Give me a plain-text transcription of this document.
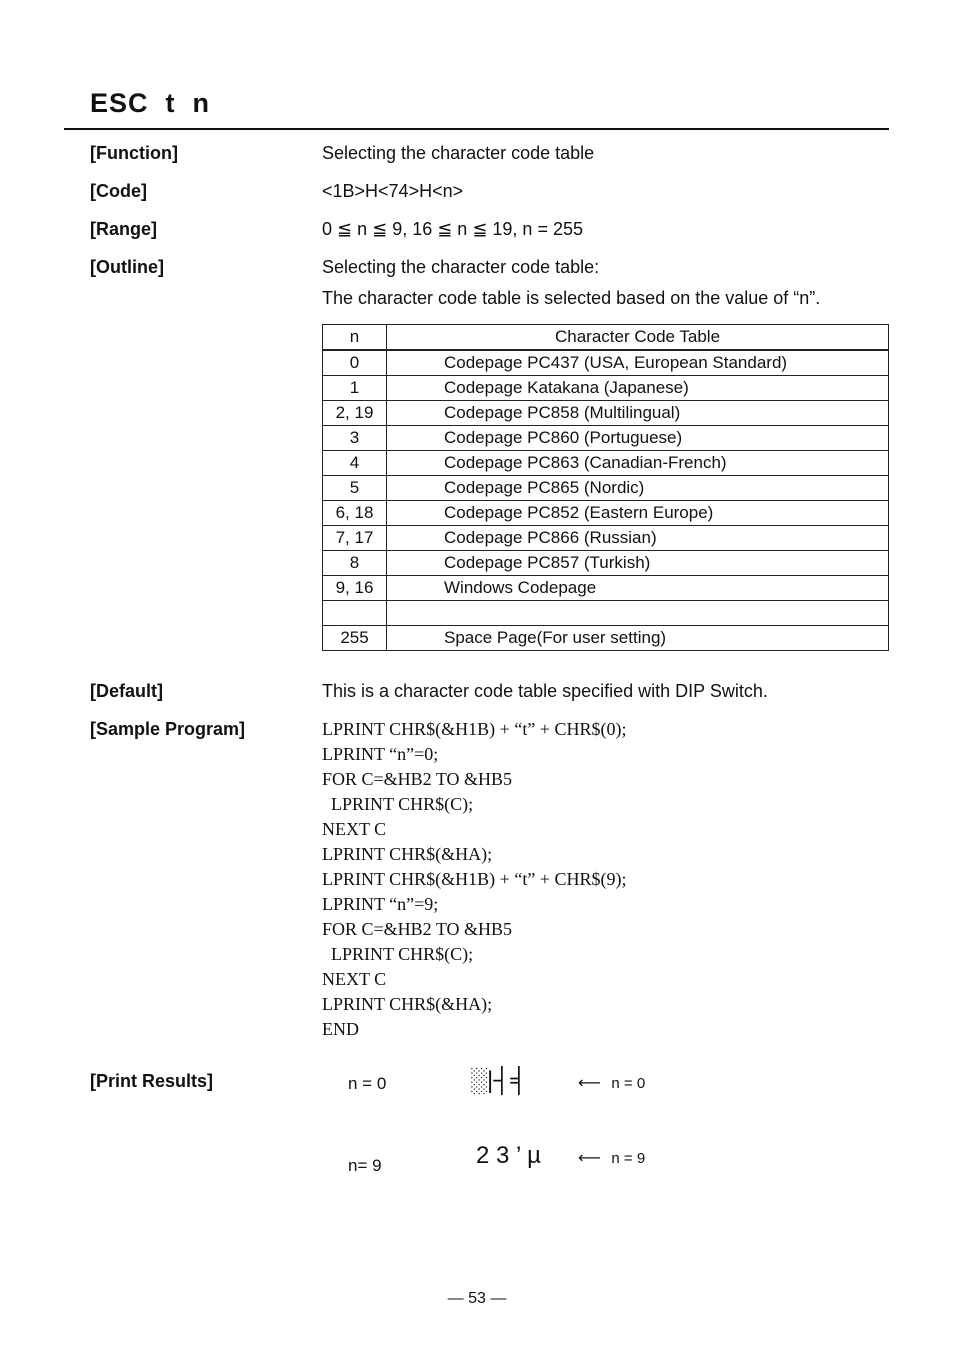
ESC  t  n
[Function]	Selecting the character code table
[Code]	<1B>H<74>H<n>
[Range]	0 ≦ n ≦ 9, 16 ≦ n ≦ 19, n = 255
[Outline]	Selecting the character code table:
The character code table is selected based on the value of “n”.
n	Character Code Table
0	Codepage PC437 (USA, European Standard)
1	Codepage Katakana (Japanese)
2, 19	Codepage PC858 (Multilingual)
3	Codepage PC860 (Portuguese)
4	Codepage PC863 (Canadian-French)
5	Codepage PC865 (Nordic)
6, 18	Codepage PC852 (Eastern Europe)
7, 17	Codepage PC866 (Russian)
8	Codepage PC857 (Turkish)
9, 16	Windows Codepage

255	Space Page(For user setting)
[Default]	This is a character code table specified with DIP Switch.
[Sample Program]	LPRINT CHR$(&H1B) + “t” + CHR$(0);
LPRINT “n”=0;
FOR C=&HB2 TO &HB5
LPRINT CHR$(C);
NEXT C
LPRINT CHR$(&HA);
LPRINT CHR$(&H1B) + “t” + CHR$(9);
LPRINT “n”=9;
FOR C=&HB2 TO &HB5
LPRINT CHR$(C);
NEXT C
LPRINT CHR$(&HA);
END
[Print Results]	n = 0	░|┤╡	⟵ n = 0
n= 9	2 3 ’ µ ⟵ n = 9
— 53 —
